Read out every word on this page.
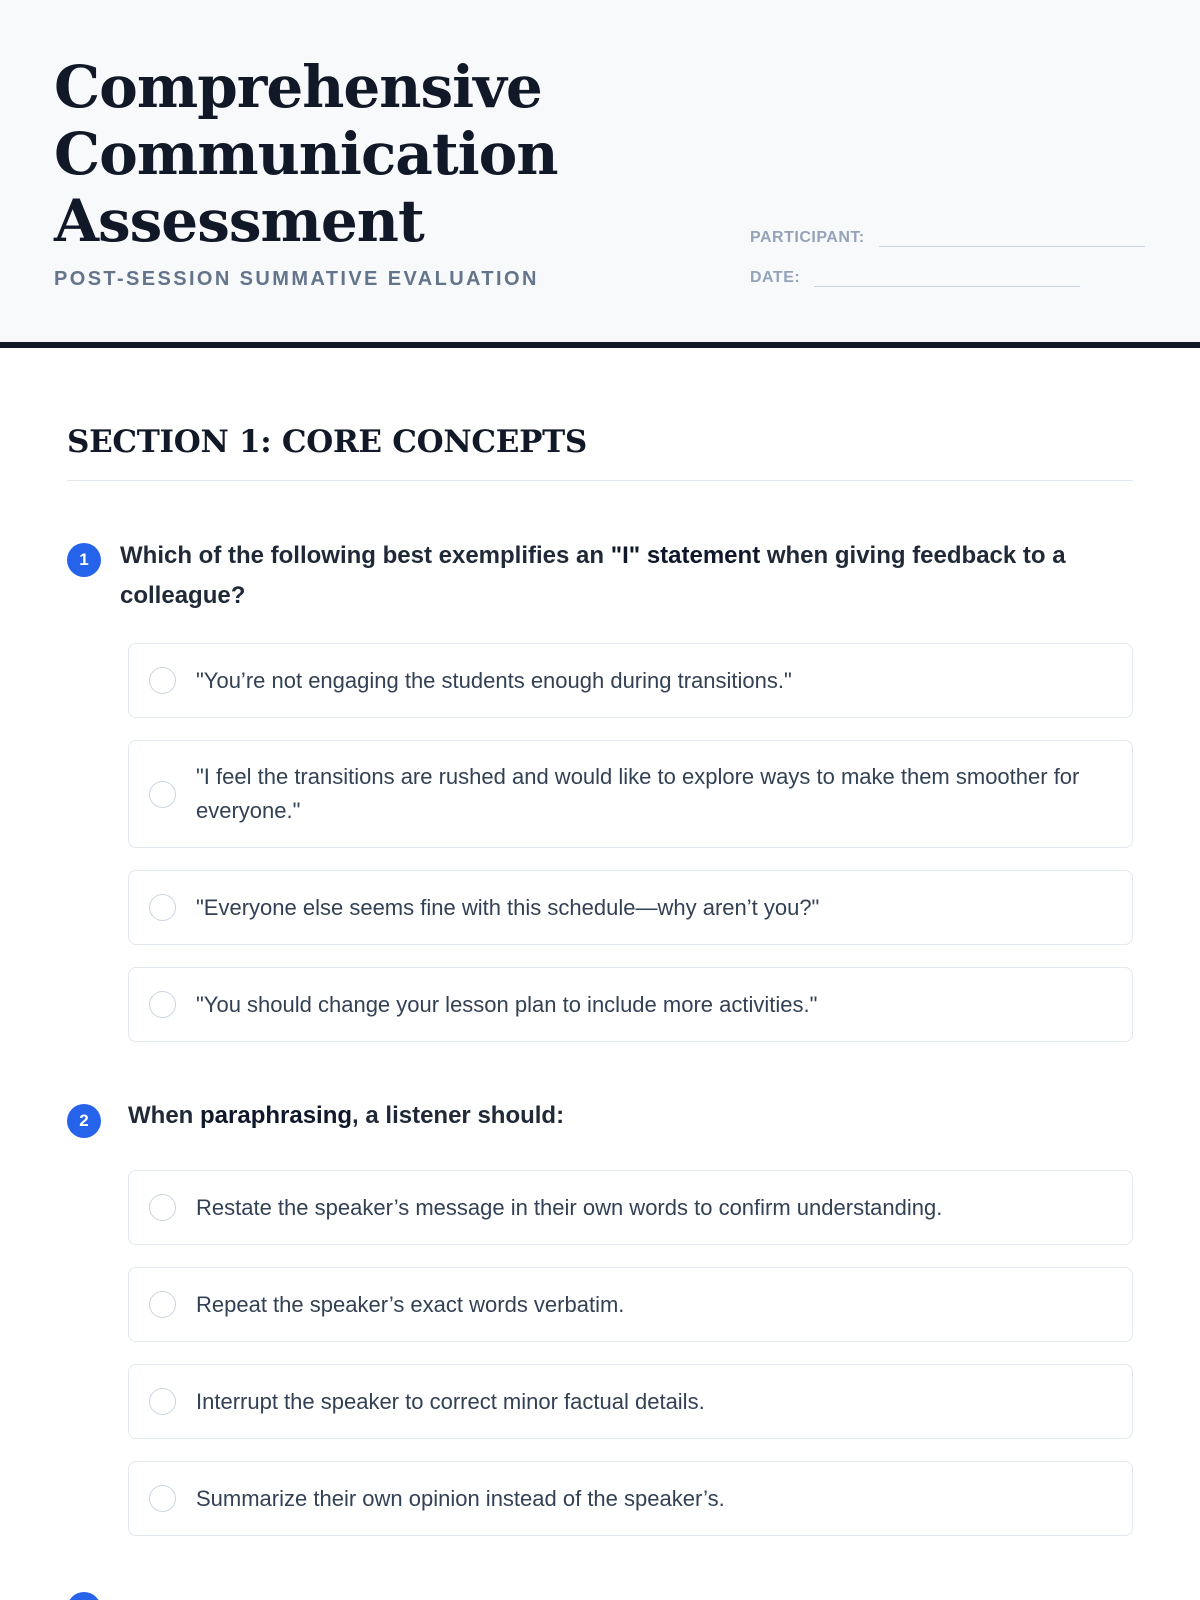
Comprehensive Communication Assessment
POST-SESSION SUMMATIVE EVALUATION
PARTICIPANT:
DATE:
SECTION 1: CORE CONCEPTS
1	Which of the following best exemplifies an "I" statement when giving feedback to a colleague?
"You’re not engaging the students enough during transitions."
"I feel the transitions are rushed and would like to explore ways to make them smoother for everyone."
"Everyone else seems fine with this schedule—why aren’t you?"
"You should change your lesson plan to include more activities."
2	When paraphrasing, a listener should:
Restate the speaker’s message in their own words to confirm understanding.
Repeat the speaker’s exact words verbatim.
Interrupt the speaker to correct minor factual details.
Summarize their own opinion instead of the speaker’s.
